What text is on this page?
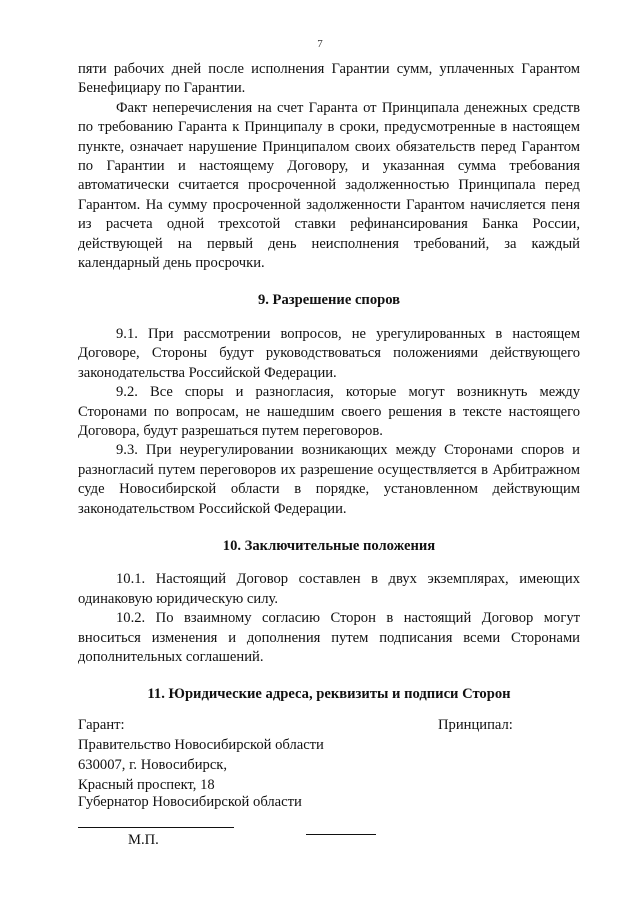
7

пяти рабочих дней после исполнения Гарантии сумм, уплаченных Гарантом Бенефициару по Гарантии.

Факт неперечисления на счет Гаранта от Принципала денежных средств по требованию Гаранта к Принципалу в сроки, предусмотренные в настоящем пункте, означает нарушение Принципалом своих обязательств перед Гарантом по Гарантии и настоящему Договору, и указанная сумма требования автоматически считается просроченной задолженностью Принципала перед Гарантом. На сумму просроченной задолженности Гарантом начисляется пеня из расчета одной трехсотой ставки рефинансирования Банка России, действующей на первый день неисполнения требований, за каждый календарный день просрочки.

9. Разрешение споров

9.1. При рассмотрении вопросов, не урегулированных в настоящем Договоре, Стороны будут руководствоваться положениями действующего законодательства Российской Федерации.

9.2. Все споры и разногласия, которые могут возникнуть между Сторонами по вопросам, не нашедшим своего решения в тексте настоящего Договора, будут разрешаться путем переговоров.

9.3. При неурегулировании возникающих между Сторонами споров и разногласий путем переговоров их разрешение осуществляется в Арбитражном суде Новосибирской области в порядке, установленном действующим законодательством Российской Федерации.

10. Заключительные положения

10.1. Настоящий Договор составлен в двух экземплярах, имеющих одинаковую юридическую силу.

10.2. По взаимному согласию Сторон в настоящий Договор могут вноситься изменения и дополнения путем подписания всеми Сторонами дополнительных соглашений.

11. Юридические адреса, реквизиты и подписи Сторон
Гарант:
Правительство Новосибирской области
630007, г. Новосибирск,
Красный проспект, 18
Губернатор Новосибирской области
М.П.
Принципал:
